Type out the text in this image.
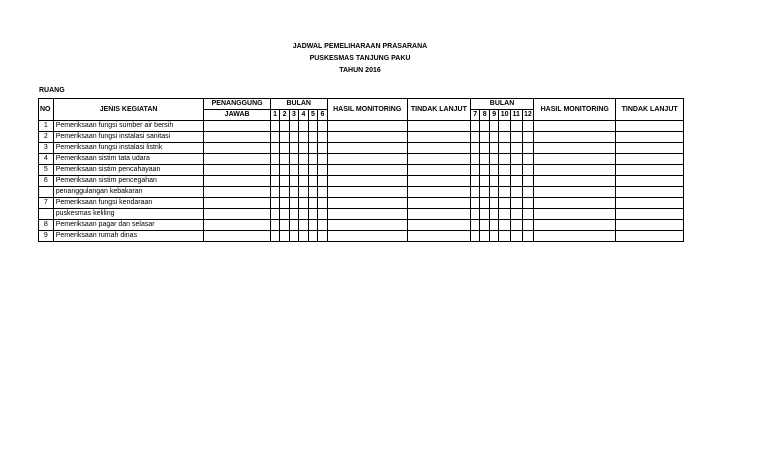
JADWAL PEMELIHARAAN PRASARANA
PUSKESMAS TANJUNG PAKU
TAHUN 2016
RUANG
NO	JENIS KEGIATAN	PENANGGUNG	BULAN						HASIL MONITORING	TINDAK LANJUT	BULAN						HASIL MONITORING	TINDAK LANJUT
		JAWAB	1	2	3	4	5	6			7	8	9	10	11	12		
1	Pemeriksaan fungsi sumber air bersih																	
2	Pemeriksaan fungsi instalasi sanitasi																	
3	Pemeriksaan fungsi instalasi listrik																	
4	Pemeriksaan sistim tata udara																	
5	Pemeriksaan sistim pencahayaan																	
6	Pemeriksaan sistim pencegahan																	
	penanggulangan kebakaran																	
7	Pemeriksaan fungsi kendaraan																	
	puskesmas keliling																	
8	Pemeriksaan pagar dan selasar																	
9	Pemeriksaan rumah dinas																	
